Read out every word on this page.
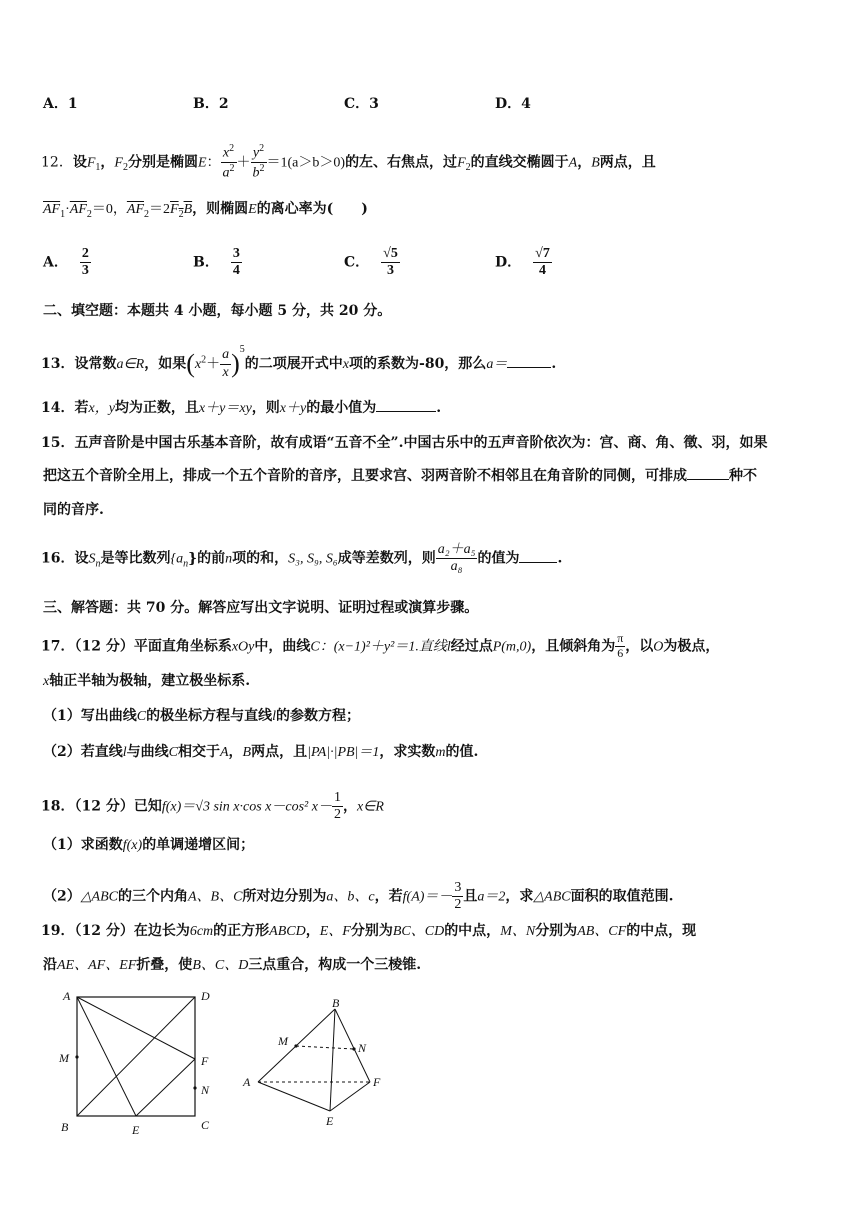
A．1	B．2	C．3	D．4
12．设$F_1$，$F_2$分别是椭圆E： $\frac{x^2}{a^2} + \frac{y^2}{b^2} =1(a>b>0)$的左、右焦点，过$F_2$的直线交椭圆于A，B两点，且
$\overline{AF}_1\cdot\overline{AF}_2=0$，$\overline{AF}_2=2\overline{F}_2\overline{B}$，则椭圆E的离心率为(　　)
A． $\frac{2}{3}$	B． $\frac{3}{4}$	C． $\frac{√5}{3}$	D． $\frac{√7}{4}$
二、填空题：本题共 4 小题，每小题 5 分，共 20 分。
13．设常数a∈R，如果$(x^2+ \frac{a}{x} )^5$的二项展开式中x项的系数为-80，那么a＝	.
14．若x，y均为正数，且x＋y＝xy，则x＋y的最小值为	.
15．五声音阶是中国古乐基本音阶，故有成语“五音不全”.中国古乐中的五声音阶依次为：宫、商、角、徵、羽，如果
把这五个音阶全用上，排成一个五个音阶的音序，且要求宫、羽两音阶不相邻且在角音阶的同侧，可排成	种不
同的音序.
16．设$S_n$是等比数列$\{a_n\}$的前n项的和，S₃, S₉, S₆成等差数列，则 $\frac{\text{a₂＋a₅}}{\text{a₈}}$ 的值为	.
三、解答题：共 70 分。解答应写出文字说明、证明过程或演算步骤。
17．（12 分）平面直角坐标系xOy中，曲线C：(x−1)²＋y²＝1.直线l经过点P(m,0)，且倾斜角为 $\frac{\pi}{6}$ ，以O为极点，
x轴正半轴为极轴，建立极坐标系.
（1）写出曲线C的极坐标方程与直线l的参数方程；
（2）若直线l与曲线C相交于A，B两点，且|PA|·|PB|＝1，求实数m的值.
18．（12 分）已知f(x)＝√3 sin x·cos x－cos² $x- \frac{1}{2}$ ，x∈R
（1）求函数f(x)的单调递增区间；
（2）△ABC的三个内角A、B、C所对边分别为a、b、c，若$f(A)=- \frac{3}{2}$ 且a＝2，求△ABC面积的取值范围.
19．（12 分）在边长为6cm的正方形ABCD，E、F分别为BC、CD的中点，M、N分别为AB、CF的中点，现
沿AE、AF、EF折叠，使B、C、D三点重合，构成一个三棱锥.
A	D
M	F
N
B	E	C
B
M	N
A	F
E
